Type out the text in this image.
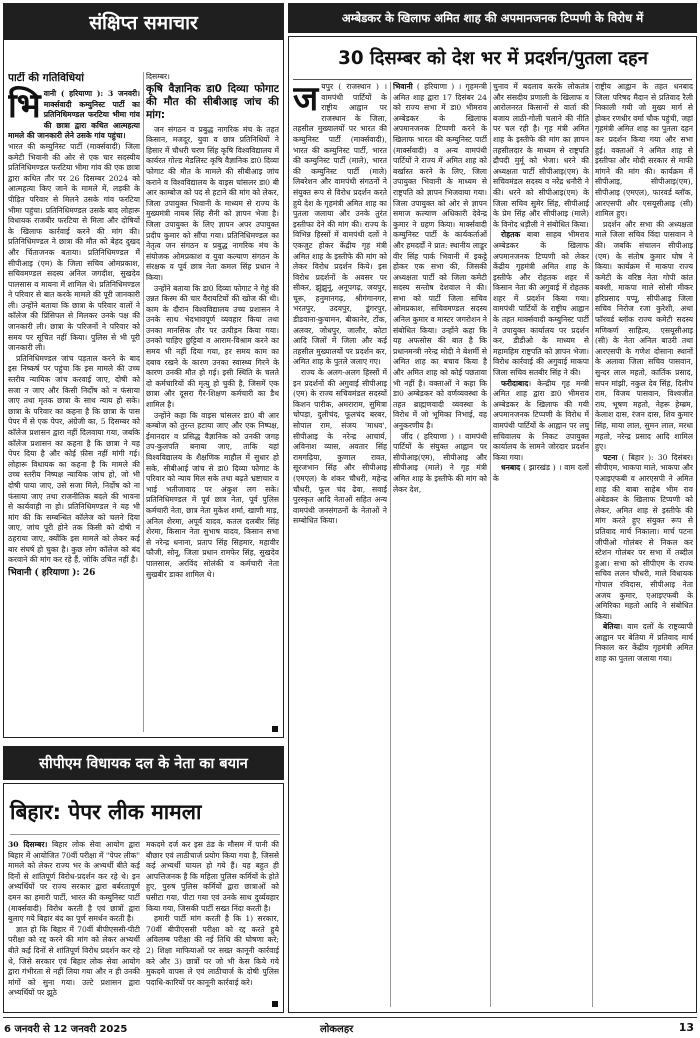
संक्षिप्त समाचार
पार्टी की गतिविधियां

भिवानी ( हरियाणा ): 3 जनवरी। मार्क्सवादी कम्युनिस्ट पार्टी का प्रतिनिधिमण्डल फरटिया भीमा गांव की छात्रा द्वारा कथित आत्महत्या मामले की जानकारी लेने उसके गांव पहुंचा।

भारत की कम्युनिस्ट पार्टी (मार्क्सवादी) जिला कमेटी भिवानी की ओर से एक चार सदस्यीय प्रतिनिधिमण्डल फरटिया भीमा गांव की एक छात्रा द्वारा कथित तौर पर 26 दिसम्बर 2024 को आत्महत्या किए जाने के मामले में, लड़की के पीड़ित परिवार से मिलने उसके गांव फरटिया भीमा पहुंचा। प्रतिनिधिमण्डल उसके बाद लोहारू विधायक राजबीर फरटिया से मिला और दोषियों के खिलाफ कार्रवाई करने की मांग की। प्रतिनिधिमण्डल ने छात्रा की मौत को बेहद दुखद और चिंताजनक बताया। प्रतिनिधिमण्डल में सीपीआइ (एम) के जिला सचिव ओमप्रकाश, सचिवमण्डल सदस्य अनिल जगदीश, सुखदेव पालसास व मायना में शामिल थे। प्रतिनिधिमण्डल ने परिवार से बात करके मामले की पूरी जानकारी ली। उन्होंने बताया कि छात्रा के परिवार वालों ने कॉलेज की प्रिंसिपल से मिलकर उनके पक्ष की जानकारी ली। छात्रा के परिजनों ने परिवार को समय पर सूचित नहीं किया। पुलिस से भी पूरी जानकारी ली।

प्रतिनिधिमण्डल जांच पड़ताल करने के बाद इस निष्कर्ष पर पहुंचा कि इस मामले की उच्च स्तरीय न्यायिक जांच करवाई जाए, दोषी को सजा न जाए और किसी निर्दोष को न फंसाया जाए तथा मृतक छात्रा के साथ न्याय हो सके। छात्रा के परिवार का कहना है कि छात्रा के पास पेपर में से एक पेपर, अंग्रेजी का, 5 दिसम्बर को कॉलेज प्रशासन द्वारा नहीं दिलवाया गया, जबकि कॉलेज प्रशासन का कहना है कि छात्रा ने यह पेपर दिया है और कोई फ़ीस नहीं मांगी गई। लोहारू विधायक का कहना है कि मामले की उच्च स्तरीय निष्पक्ष न्यायिक जांच हो, जो भी दोषी पाया जाए, उसे सजा मिले, निर्दोष को ना फंसाया जाए तथा राजनीतिक बदले की भावना से कार्यवाही ना हो। प्रतिनिधिमण्डल ने यह भी मांग की कि सम्बन्धित कॉलेज को चलने दिया जाए, जांच पूरी होने तक किसी को दोषी न ठहराया जाए, क्योंकि इस मामले को लेकर कई बार संघर्ष हो चुका है। कुछ लोग कॉलेज को बंद करवाने की मांग कर रहे हैं, जोकि उचित नहीं है।

भिवानी ( हरियाणा ): 26

दिसम्बर।

कृषि वैज्ञानिक डा0 दिव्या फोगाट की मौत की सीबीआइ जांच की मांग:

जन संगठन व प्रबुद्ध नागरिक मंच के तहत किसान, मजदूर, युवा व छात्र प्रतिनिधियों ने हिसार में चौधरी चरण सिंह कृषि विश्वविद्यालय में कार्यरत गोल्ड मेडलिस्ट कृषि वैज्ञानिक डा0 दिव्या फोगाट की मौत के मामले की सीबीआइ जांच कराने व विश्वविद्यालय के वाइस चांसलर डा0 बी आर काम्बोज को पद से हटाने की मांग को लेकर, जिला उपायुक्त भिवानी के माध्यम से राज्य के मुख्यमंत्री नायब सिंह सैनी को ज्ञापन भेजा है। जिला उपायुक्त के लिए ज्ञापन अपर उपायुक्त प्रदीप कुमार को सौंपा गया। प्रतिनिधिमण्डल का नेतृत्व जन संगठन व प्रबुद्ध नागरिक मंच के संयोजक ओमप्रकाश व युवा कल्याण संगठन के संरक्षक व पूर्व छात्र नेता कमल सिंह प्रधान ने किया।

उन्होंने बताया कि डा0 दिव्या फोगाट ने गेहूं की उन्नत किस्म की चार वैरायटियों की खोज की थी। काम के दौरान विश्वविद्यालय उच्च प्रशासन ने उनके साथ भेदभावपूर्ण व्यवहार किया तथा उनका मानसिक तौर पर उत्पीड़न किया गया। उनको चाहिए छुट्टियां व आराम-विश्राम करने का समय भी नहीं दिया गया, हर समय काम का दबाव रखने के कारण उनका स्वास्थ्य गिरने के कारण उनकी मौत हो गई। इसी स्थिति के चलते दो कर्मचारियों की मृत्यु हो चुकी है, जिसमें एक छात्रा और दूसरा गैर-शिक्षण कर्मचारी का डैथ शामिल है।

उन्होंने कहा कि वाइस चांसलर डा0 बी आर कम्बोज को तुरन्त हटाया जाए और एक निष्पक्ष, ईमानदार व प्रसिद्ध वैज्ञानिक को उनकी जगह उप-कुलपति बनाया जाए, ताकि यहां विश्वविद्यालय के शैक्षणिक माहौल में सुधार हो सके, सीबीआई जांच से डा0 दिव्या फोगाट के परिवार को न्याय मिल सके तथा बढ़ते भ्रष्टाचार व भाई भतीजावाद पर अंकुश लग सके। प्रतिनिधिमण्डल में पूर्व छात्र नेता, पूर्व पुलिस कर्मचारी नेता, छात्र नेता मुकेश शर्मा, खाणी माड़, अनिल शेरमा, अपूर्व यादव, कतल दलबीर सिंह शेरमा, किसान नेता सुभाष यादव, किसान सभा से नरेन्द्र धनाना, प्रताप सिंह सिहमार, महावीर फौजी, सोनू, जिला प्रधान रामफेर सिंह, सुखदेव पालसास, अरविंद सोलंकी व कर्मचारी नेता सुखबीर डाका शामिल थे।

सीपीएम विधायक दल के नेता का बयान
बिहार: पेपर लीक मामला

30 दिसम्बर। बिहार लोक सेवा आयोग द्वारा बिहार में आयोजित 70वीं परीक्षा में "पेपर लीक" मामले को लेकर राज्य भर के अभ्यर्थी बीते कई दिनों से शांतिपूर्ण विरोध-प्रदर्शन कर रहे थे। इन अभ्यर्थियों पर राज्य सरकार द्वारा बर्बरतापूर्ण दमन का हमारी पार्टी, भारत की कम्युनिस्ट पार्टी (मार्क्सवादी) विरोध करती है एवं छात्रों द्वारा बुलाए गये बिहार बंद का पूर्ण समर्थन करती है।

ज्ञात हो कि बिहार में 70वीं बीपीएससी-पीटी परीक्षा को रद्द करने की मांग को लेकर अभ्यर्थी बीते कई दिनों से शांतिपूर्ण विरोध प्रदर्शन कर रहे थे, जिसे सरकार एवं बिहार लोक सेवा आयोग द्वारा गंभीरता से नहीं लिया गया और न ही उनकी मांगों को सुना गया। उल्टे प्रशासन द्वारा अभ्यर्थियों पर झूठे

मकदमे दर्ज कर इस ठंड के मौसम में पानी की बौछार एवं लाठीचार्ज प्रयोग किया गया है, जिससे कई अभ्यर्थी घायल हो गये हैं। यह बहुत ही आपत्तिजनक है कि महिला पुलिस कर्मियों के होते हुए, पुरुष पुलिस कर्मियों द्वारा छात्राओं को घसीटा गया, पीटा गया एवं उनके साथ दुर्व्यवहार किया गया, जिसकी पार्टी सख्त निंदा करती है।

हमारी पार्टी मांग करती है कि 1) सरकार, 70वीं बीपीएससी परीक्षा को रद्द करते हुये अविलम्ब परीक्षा की नई तिथि की घोषणा करे; 2) शिक्षा माफियाओं पर सख्त कानूनी कार्रवाई करे और 3) छात्रों पर जो भी केस किये गये मुकदमे वापस ले एवं लाठीचार्ज के दोषी पुलिस पदाधि-कारियों पर कानूनी कार्रवाई करे।

अम्बेडकर के खिलाफ अमित शाह की अपमानजनक टिप्पणी के विरोध में
30 दिसम्बर को देश भर में प्रदर्शन/पुतला दहन

जयपुर ( राजस्थान ) । वामपंथी पार्टियों के राष्ट्रीय आह्वान पर राजस्थान के जिला, तहसील मुख्यालयों पर भारत की कम्युनिस्ट पार्टी (मार्क्सवादी), भारत की कम्युनिस्ट पार्टी, भारत की कम्युनिस्ट पार्टी (माले), भारत की कम्युनिस्ट पार्टी (माले) लिबरेशन और वामपंथी संगठनों ने संयुक्त रूप से विरोध प्रदर्शन करते हुये देश के गृहमंत्री अमित शाह का पुतला जलाया और उनके तुरंत इस्तीफा देने की मांग की। राज्य के विभिन्न हिस्सों में वामपंथी दलों ने एकजुट होकर केंद्रीय गृह मंत्री अमित शाह के इस्तीफे की मांग को लेकर विरोध प्रदर्शन किये। इस विरोध प्रदर्शनों के अवसर पर सीकर, झुंझुनूं, अनूपगढ़, जयपुर, चूरू, हनुमानगढ़, श्रीगंगानगर, भरतपुर, उदयपुर, डूंगरपुर, डीडवाना-कुचामन, बीकानेर, टोंक, अलवर, जोधपुर, जालौर, कोटा आदि जिलों में जिला और कई तहसील मुख्यालयों पर प्रदर्शन कर, अमित शाह के पुतले जलाए गए।

राज्य के अलग-अलग हिस्सों में इन प्रदर्शनों की अगुवाई सीपीआइ (एम) के राज्य सचिवमंडल सदस्यों किशन पारीक, अमराराम, सुमित्रा चोपड़ा, दुलीचंद, फूलचंद बरबर, सोपाल राम, संजय 'माधव', सीपीआइ के नरेन्द्र आचार्य, अविनाश व्यास, अवतार सिंह रामगढ़िया, कुणाल रावत, सूरजभान सिंह और सीपीआइ (एमएल) के शंकर चौधरी, महेन्द्र चौधरी, फूल चंद ढेवा, सवाई पुरस्कृत आदि नेताओं सहित अन्य वामपंथी जनसंगठनों के नेताओं ने सम्बोधित किया।

भिवानी ( हरियाणा ) । गृहमन्त्री अमित शाह द्वारा 17 दिसंबर 24 को राज्य सभा में डा0 भीमराव अम्बेडकर के खिलाफ अपमानजनक टिप्पणी करने के खिलाफ भारत की कम्युनिस्ट पार्टी (मार्क्सवादी) व अन्य वामपंथी पार्टियों ने राज्य में अमित शाह को बर्खास्त करने के लिए, जिला उपायुक्त भिवानी के माध्यम से राष्ट्रपति को ज्ञापन भिजवाया गया। जिला उपायुक्त को ओर से ज्ञापन समाज कल्याण अधिकारी देवेन्द्र कुमार ने ग्रहण किया। मार्क्सवादी कम्युनिस्ट पार्टी के कार्यकर्ताओं और हमदर्दों ने प्रात: स्थानीय लाडूर वीर सिंह पार्क भिवानी में इकट्ठे होकर एक सभा की, जिसकी अध्यक्षता पार्टी को जिला कमेटी सदस्य सन्तोष देशवाल ने की। सभा को पार्टी जिला सचिव ओमप्रकाश, सचिवमण्डल सदस्य अनिल कुमार व मास्टर जगरोशन ने संबोधित किया। उन्होंने कहा कि यह अफसोस की बात है कि प्रधानमन्त्री नरेन्द्र मोदी ने बेशर्मी से अमित शाह का बचाव किया है और अमित शाह को कोई पछतावा भी नहीं है। वक्ताओं ने कहा कि डा0 अम्बेडकर को वर्णव्यवस्था के तहत ब्राह्मणवादी व्यवस्था के विरोध में जो भूमिका निभाई, वह अनुकरणीय है।

जींद ( हरियाणा ) । वामपंथी पार्टियों के संयुक्त आह्वान पर सीपीआइ(एम), सीपीआइ और सीपीआइ (माले) ने गृह मंत्री अमित शाह के इस्तीफे की मांग को लेकर देश,

चुनाव में बदलाव करके लोकतंत्र और संसदीय प्रणाली के खिलाफ व आरोलनरत किसानों से वार्ता की बजाय लाठी-गोली चलाने की नीति पर चल रही है। गृह मंत्री अमित शाह के इस्तीफे की मांग का ज्ञापन तहसीलदार के माध्यम से राष्ट्रपति द्रौपदी मुर्मू को भेजा। धरने की अध्यक्षता पार्टी सीपीआइ(एम) के सचिवमंडल सदस्य व नरेंद्र धनौरी ने की। धरने को सीपीआइ(एम) के जिला सचिव सुमेर सिंह, सीपीआई के प्रेम सिंह और सीपीआइ (माले) के विनोद धड़ौली ने संबोधित किया।

रोहतक बाबा साहब भीमराव अम्बेडकर के खिलाफ अपमानजनक टिप्पणी को लेकर केंद्रीय गृहमंत्री अमित शाह के इस्तीफे और रोहतक शहर में किसान नेता की अगुवाई में रोहतक शहर में प्रदर्शन किया गया। वामपंथी पार्टियों के राष्ट्रीय आह्वान के तहत मार्क्सवादी कम्युनिस्ट पार्टी ने उपायुक्त कार्यालय पर प्रदर्शन कर, डीडीओ के माध्यम से महामहिम राष्ट्रपति को ज्ञापन भेजा। विरोध कार्रवाई की अगुवाई माकपा जिला सचिव सतबीर सिंह ने की।

फरीदाबाद। केन्द्रीय गृह मन्त्री अमित शाह द्वारा डा0 भीमराव अम्बेडकर के खिलाफ की गयी अपमानजनक टिप्पणी के विरोध में वामपंथी पार्टियों के आह्वान पर लघु सचिवालय के निकट उपायुक्त कार्यालय के सामने जोरदार प्रदर्शन किया गया।

धनबाद ( झारखंड ) । वाम दलों के

राष्ट्रीय आह्वान के तहत धनबाद जिला परिषद मैदान से प्रतिवाद रैली निकाली गयी जो मुख्य मार्ग से होकर रणधीर वर्मा चौक पहुंची, जहां गृहमंत्री अमित शाह का पुतला दहन कर प्रदर्शन किया गया और सभा हुई। वक्ताओं ने अमित शाह से इस्तीफा और मोदी सरकार से माफी मांगने की मांग की। कार्यक्रम में सीपीआइ, सीपीआइ(एम), सीपीआइ (एमएल), फारवर्ड ब्लॉक, आरएसपी और एसयूसीआइ (सी) शामिल हुए।

प्रदर्शन और सभा की अध्यक्षता माले जिला सचिव विंदा पासवान ने की। जबकि संचालन सीपीआइ (एम) के संतोष कुमार घोष ने किया। कार्यक्रम में माकपा राज्य कमेटी के वरिष्ठ नेता गोपी कांत बक्शी, माकपा माले सोसी मीकर हरिप्रसाद पप्पू, सीपीआइ जिला सचिव निरोज रजा कुरेशी, अथा फॉरवर्ड ब्लॉक राज्य कमेटी सदस्य मणिकर्ण साहित्य, एसयूसीआइ (सी) के नेता अनिल बाउरी तथा आरएसपी के गणेश दोसाना स्थानों के अलावा जिला सचिव पासवान, सुन्दर लाल महतो, कार्तिक प्रसाद, सपन मांझी, नकुल देव सिंह, दिलीप राम, विजय पासवान, विश्वजीत राय, भूषण महतो, नेहरू हेम्ब्रम, केलाश दास, रंजन दास, शिव कुमार सिंह, माया लाल, सुमन लाल, मरधा महतो, नरेन्द्र प्रसाद आदि शामिल हुए।

पटना ( बिहार ): 30 दिसंबर। सीपीएम, भाकपा माले, भाकपा और एआइएफबी व आरएसपी ने अमित शाह की बाबा साहेब भीम राव अंबेडकर के खिलाफ टिप्पणी को लेकर, अमित शाह से इस्तीफे की मांग करते हुए संयुक्त रूप से प्रतिवाद मार्च निकाला। मार्च पटना जीपीओ गोलंबर से निकल कर स्टेशन गोलंबर पर सभा में तब्दील हुआ। सभा को सीपीएम के राज्य सचिव ललन चौधरी, माले विधायक गोपाल रविदास, सीपीआइ नेता अजय कुमार, एआइएफबी के अमिरिका महतो आदि ने संबोधित किया।

बेतिया। वाम दलों के राष्ट्रव्यापी आह्वान पर बेतिया में प्रतिवाद मार्च निकाल कर केंद्रीय गृहमंत्री अमित शाह का पुतला जलाया गया।

6 जनवरी से 12 जनवरी 2025	लोकलहर	13
